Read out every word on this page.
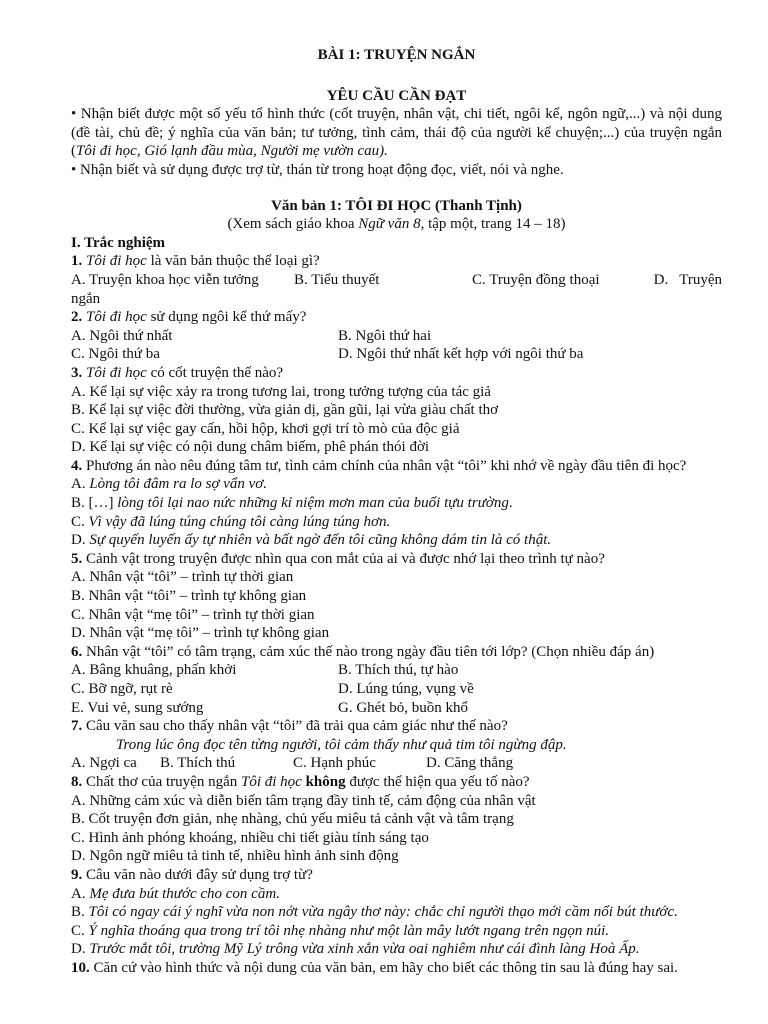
BÀI 1: TRUYỆN NGẮN
YÊU CẦU CẦN ĐẠT
• Nhận biết được một số yếu tố hình thức (cốt truyện, nhân vật, chi tiết, ngôi kể, ngôn ngữ,...) và nội dung (đề tài, chủ đề; ý nghĩa của văn bản; tư tưởng, tình cảm, thái độ của người kể chuyện;...) của truyện ngắn (Tôi đi học, Gió lạnh đầu mùa, Người mẹ vườn cau).
• Nhận biết và sử dụng được trợ từ, thán từ trong hoạt động đọc, viết, nói và nghe.
Văn bản 1: TÔI ĐI HỌC (Thanh Tịnh)
(Xem sách giáo khoa Ngữ văn 8, tập một, trang 14 – 18)
I. Trắc nghiệm
1. Tôi đi học là văn bản thuộc thể loại gì?
A. Truyện khoa học viễn tưởng	B. Tiểu thuyết	C. Truyện đồng thoại	D.   Truyện
ngắn
2. Tôi đi học sử dụng ngôi kể thứ mấy?
A. Ngôi thứ nhất	B. Ngôi thứ hai
C. Ngôi thứ ba	D. Ngôi thứ nhất kết hợp với ngôi thứ ba
3. Tôi đi học có cốt truyện thế nào?
A. Kể lại sự việc xảy ra trong tương lai, trong tưởng tượng của tác giả
B. Kể lại sự việc đời thường, vừa giản dị, gần gũi, lại vừa giàu chất thơ
C. Kể lại sự việc gay cấn, hồi hộp, khơi gợi trí tò mò của độc giả
D. Kể lại sự việc có nội dung châm biếm, phê phán thói đời
4. Phương án nào nêu đúng tâm tư, tình cảm chính của nhân vật “tôi” khi nhớ về ngày đầu tiên đi học?
A. Lòng tôi đâm ra lo sợ vẩn vơ.
B. […] lòng tôi lại nao nức những kỉ niệm mơn man của buổi tựu trường.
C. Vì vậy đã lúng túng chúng tôi càng lúng túng hơn.
D. Sự quyến luyến ấy tự nhiên và bất ngờ đến tôi cũng không dám tin là có thật.
5. Cảnh vật trong truyện được nhìn qua con mắt của ai và được nhớ lại theo trình tự nào?
A. Nhân vật “tôi” – trình tự thời gian
B. Nhân vật “tôi” – trình tự không gian
C. Nhân vật “mẹ tôi” – trình tự thời gian
D. Nhân vật “mẹ tôi” – trình tự không gian
6. Nhân vật “tôi” có tâm trạng, cảm xúc thế nào trong ngày đầu tiên tới lớp? (Chọn nhiều đáp án)
A. Bâng khuâng, phấn khởi	B. Thích thú, tự hào
C. Bỡ ngỡ, rụt rè	D. Lúng túng, vụng về
E. Vui vẻ, sung sướng	G. Ghét bỏ, buồn khổ
7. Câu văn sau cho thấy nhân vật “tôi” đã trải qua cảm giác như thế nào?
Trong lúc ông đọc tên từng người, tôi cảm thấy như quả tim tôi ngừng đập.
A. Ngợi ca	B. Thích thú	C. Hạnh phúc	D. Căng thẳng
8. Chất thơ của truyện ngắn Tôi đi học không được thể hiện qua yếu tố nào?
A. Những cảm xúc và diễn biến tâm trạng đầy tinh tế, cảm động của nhân vật
B. Cốt truyện đơn giản, nhẹ nhàng, chủ yếu miêu tả cảnh vật và tâm trạng
C. Hình ảnh phóng khoáng, nhiều chi tiết giàu tính sáng tạo
D. Ngôn ngữ miêu tả tinh tế, nhiều hình ảnh sinh động
9. Câu văn nào dưới đây sử dụng trợ từ?
A. Mẹ đưa bút thước cho con cầm.
B. Tôi có ngay cái ý nghĩ vừa non nớt vừa ngây thơ này: chắc chỉ người thạo mới cầm nổi bút thước.
C. Ý nghĩa thoáng qua trong trí tôi nhẹ nhàng như một làn mây lướt ngang trên ngọn núi.
D. Trước mắt tôi, trường Mỹ Lý trông vừa xinh xắn vừa oai nghiêm như cái đình làng Hoà Ấp.
10. Căn cứ vào hình thức và nội dung của văn bản, em hãy cho biết các thông tin sau là đúng hay sai.
